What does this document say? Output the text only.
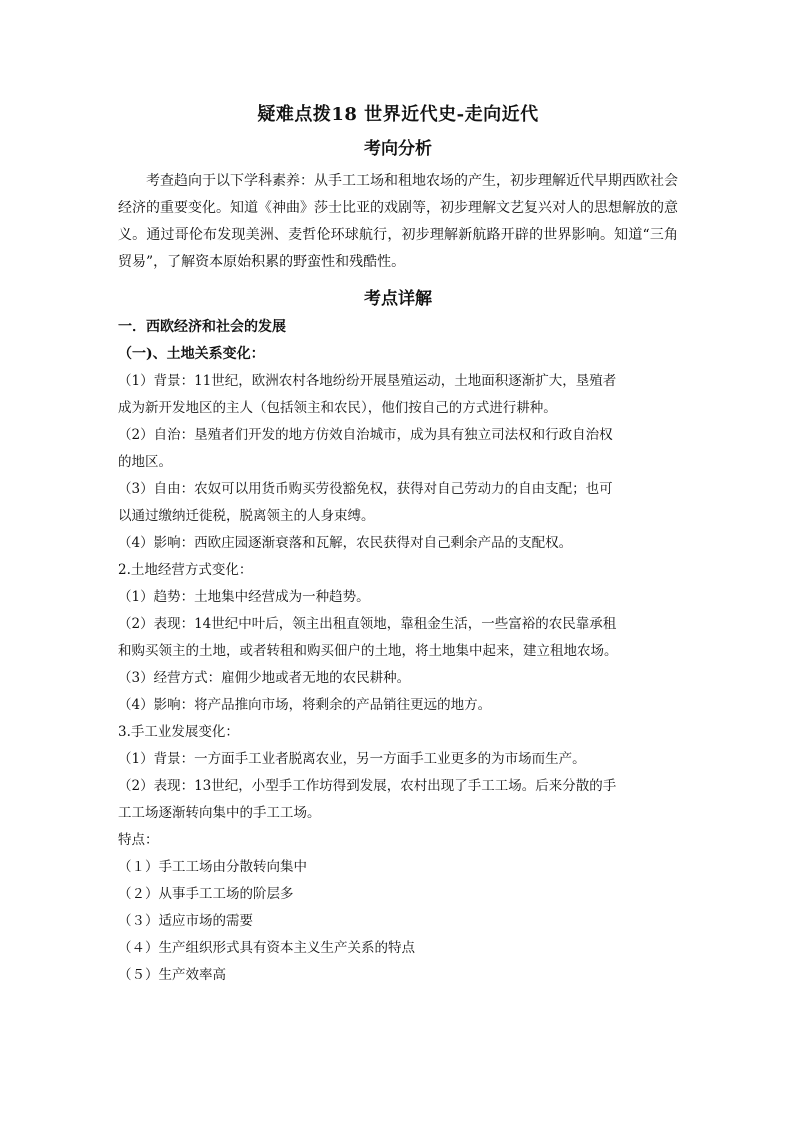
疑难点拨18 世界近代史-走向近代
考向分析

考查趋向于以下学科素养：从手工工场和租地农场的产生，初步理解近代早期西欧社会经济的重要变化。知道《神曲》莎士比亚的戏剧等，初步理解文艺复兴对人的思想解放的意义。通过哥伦布发现美洲、麦哲伦环球航行，初步理解新航路开辟的世界影响。知道“三角贸易”，了解资本原始积累的野蛮性和残酷性。

考点详解

一．西欧经济和社会的发展

（一)、土地关系变化：

（1）背景：11世纪，欧洲农村各地纷纷开展垦殖运动，土地面积逐渐扩大，垦殖者

成为新开发地区的主人（包括领主和农民），他们按自己的方式进行耕种。

（2）自治：垦殖者们开发的地方仿效自治城市，成为具有独立司法权和行政自治权

的地区。

（3）自由：农奴可以用货币购买劳役豁免权，获得对自己劳动力的自由支配；也可

以通过缴纳迁徙税，脱离领主的人身束缚。

（4）影响：西欧庄园逐渐衰落和瓦解，农民获得对自己剩余产品的支配权。

2.土地经营方式变化：

（1）趋势：土地集中经营成为一种趋势。

（2）表现：14世纪中叶后，领主出租直领地，靠租金生活，一些富裕的农民靠承租

和购买领主的土地，或者转租和购买佃户的土地，将土地集中起来，建立租地农场。

（3）经营方式：雇佣少地或者无地的农民耕种。

（4）影响：将产品推向市场，将剩余的产品销往更远的地方。

3.手工业发展变化：

（1）背景：一方面手工业者脱离农业，另一方面手工业更多的为市场而生产。

（2）表现：13世纪，小型手工作坊得到发展，农村出现了手工工场。后来分散的手

工工场逐渐转向集中的手工工场。

特点：

（１）手工工场由分散转向集中

（２）从事手工工场的阶层多

（３）适应市场的需要

（４）生产组织形式具有资本主义生产关系的特点

（５）生产效率高
